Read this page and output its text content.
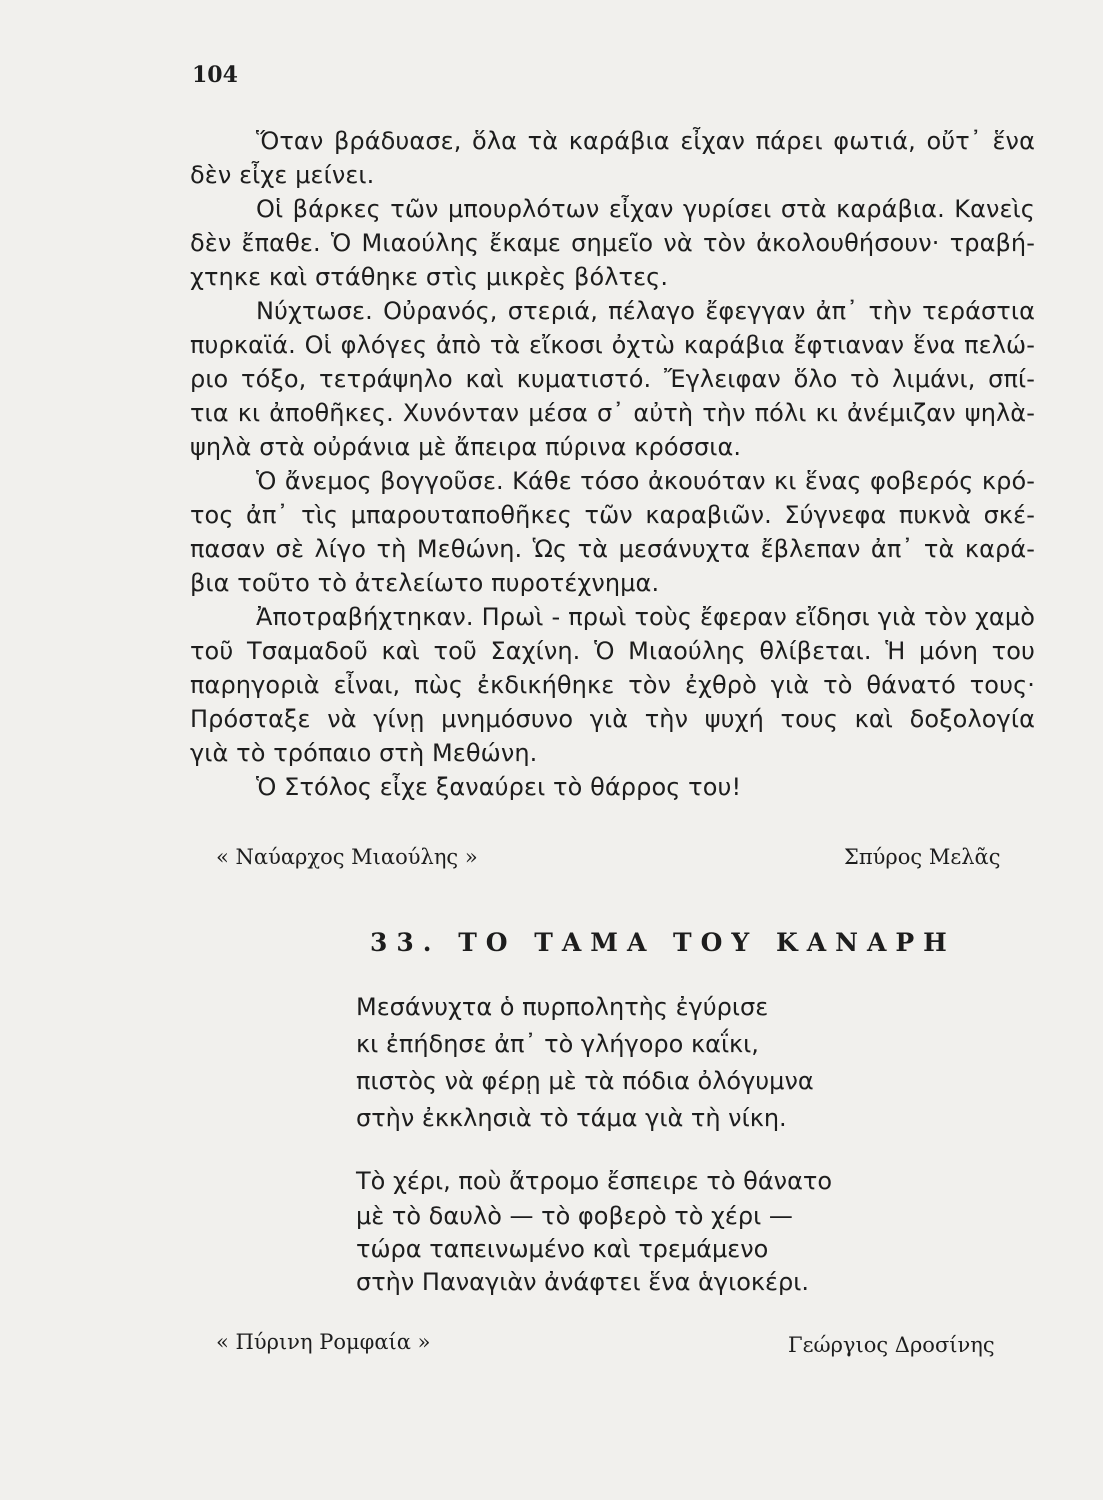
104
Ὅταν βράδυασε, ὅλα τὰ καράβια εἶχαν πάρει φωτιά, οὔτ᾽ ἕνα
δὲν εἶχε μείνει.
Οἱ βάρκες τῶν μπουρλότων εἶχαν γυρίσει στὰ καράβια. Κανεὶς
δὲν ἔπαθε. Ὁ Μιαούλης ἔκαμε σημεῖο νὰ τὸν ἀκολουθήσουν· τραβή-
χτηκε καὶ στάθηκε στὶς μικρὲς βόλτες.
Νύχτωσε. Οὐρανός, στεριά, πέλαγο ἔφεγγαν ἀπ᾽ τὴν τεράστια
πυρκαϊά. Οἱ φλόγες ἀπὸ τὰ εἴκοσι ὀχτὼ καράβια ἔφτιαναν ἕνα πελώ-
ριο τόξο, τετράψηλο καὶ κυματιστό. Ἔγλειφαν ὅλο τὸ λιμάνι, σπί-
τια κι ἀποθῆκες. Χυνόνταν μέσα σ᾽ αὐτὴ τὴν πόλι κι ἀνέμιζαν ψηλὰ-
ψηλὰ στὰ οὐράνια μὲ ἄπειρα πύρινα κρόσσια.
Ὁ ἄνεμος βογγοῦσε. Κάθε τόσο ἀκουόταν κι ἕνας φοβερός κρό-
τος ἀπ᾽ τὶς μπαρουταποθῆκες τῶν καραβιῶν. Σύγνεφα πυκνὰ σκέ-
πασαν σὲ λίγο τὴ Μεθώνη. Ὡς τὰ μεσάνυχτα ἔβλεπαν ἀπ᾽ τὰ καρά-
βια τοῦτο τὸ ἀτελείωτο πυροτέχνημα.
Ἀποτραβήχτηκαν. Πρωὶ - πρωὶ τοὺς ἔφεραν εἴδησι γιὰ τὸν χαμὸ
τοῦ Τσαμαδοῦ καὶ τοῦ Σαχίνη. Ὁ Μιαούλης θλίβεται. Ἡ μόνη του
παρηγοριὰ εἶναι, πὼς ἐκδικήθηκε τὸν ἐχθρὸ γιὰ τὸ θάνατό τους·
Πρόσταξε νὰ γίνῃ μνημόσυνο γιὰ τὴν ψυχή τους καὶ δοξολογία
γιὰ τὸ τρόπαιο στὴ Μεθώνη.
Ὁ Στόλος εἶχε ξαναύρει τὸ θάρρος του!
« Ναύαρχος Μιαούλης »	Σπύρος Μελᾶς
33. ΤΟ ΤΑΜΑ ΤΟΥ ΚΑΝΑΡΗ
Μεσάνυχτα ὁ πυρπολητὴς ἐγύρισε
κι ἐπήδησε ἀπ᾽ τὸ γλήγορο καΐκι,
πιστὸς νὰ φέρῃ μὲ τὰ πόδια ὀλόγυμνα
στὴν ἐκκλησιὰ τὸ τάμα γιὰ τὴ νίκη.
Τὸ χέρι, ποὺ ἄτρομο ἔσπειρε τὸ θάνατο
μὲ τὸ δαυλὸ — τὸ φοβερὸ τὸ χέρι —
τώρα ταπεινωμένο καὶ τρεμάμενο
στὴν Παναγιὰν ἀνάφτει ἕνα ἁγιοκέρι.
« Πύρινη Ρομφαία »	Γεώργιος Δροσίνης
